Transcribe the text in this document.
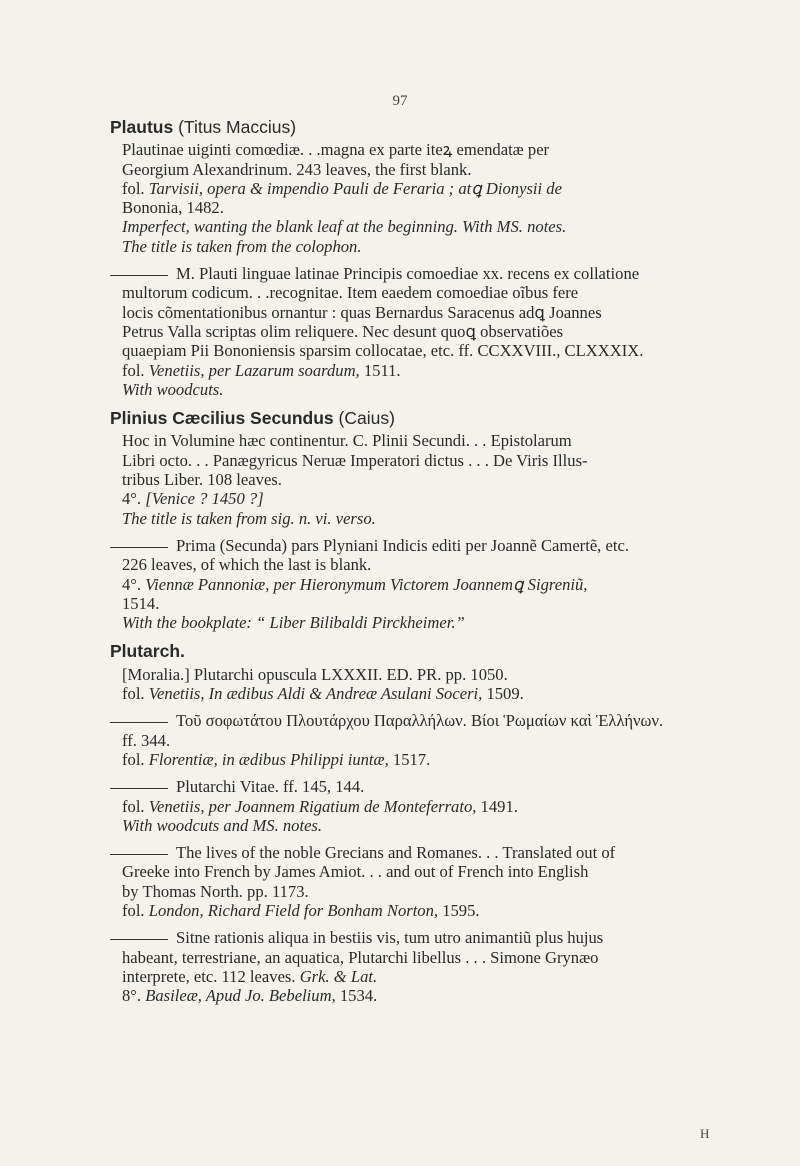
97
Plautus (Titus Maccius)
Plautinae uiginti comœdiæ. . .magna ex parte iteꝝ emendatæ per
Georgium Alexandrinum. 243 leaves, the first blank.
fol. Tarvisii, opera & impendio Pauli de Feraria ; atꝗ Dionysii de
Bononia, 1482.
Imperfect, wanting the blank leaf at the beginning. With MS. notes.
The title is taken from the colophon.
M. Plauti linguae latinae Principis comoediae xx. recens ex collatione
multorum codicum. . .recognitae. Item eaedem comoediae oĩbus fere
locis cõmentationibus ornantur : quas Bernardus Saracenus adꝗ Joannes
Petrus Valla scriptas olim reliquere. Nec desunt quoꝗ observatiões
quaepiam Pii Bononiensis sparsim collocatae, etc. ff. CCXXVIII., CLXXXIX.
fol. Venetiis, per Lazarum soardum, 1511.
With woodcuts.
Plinius Cæcilius Secundus (Caius)
Hoc in Volumine hæc continentur. C. Plinii Secundi. . . Epistolarum
Libri octo. . . Panægyricus Neruæ Imperatori dictus . . . De Viris Illus-
tribus Liber. 108 leaves.
4°. [Venice ? 1450 ?]
The title is taken from sig. n. vi. verso.
Prima (Secunda) pars Plyniani Indicis editi per Joannẽ Camertẽ, etc.
226 leaves, of which the last is blank.
4°. Viennæ Pannoniæ, per Hieronymum Victorem Joannemꝗ Sigreniũ,
1514.
With the bookplate: “ Liber Bilibaldi Pirckheimer.”
Plutarch.
[Moralia.] Plutarchi opuscula LXXXII. ED. PR. pp. 1050.
fol. Venetiis, In ædibus Aldi & Andreæ Asulani Soceri, 1509.
Τοῦ σοφωτάτου Πλουτάρχου Παραλλήλων. Βίοι Ῥωμαίων καὶ Ἑλλήνων.
ff. 344.
fol. Florentiæ, in ædibus Philippi iuntæ, 1517.
Plutarchi Vitae. ff. 145, 144.
fol. Venetiis, per Joannem Rigatium de Monteferrato, 1491.
With woodcuts and MS. notes.
The lives of the noble Grecians and Romanes. . . Translated out of
Greeke into French by James Amiot. . . and out of French into English
by Thomas North. pp. 1173.
fol. London, Richard Field for Bonham Norton, 1595.
Sitne rationis aliqua in bestiis vis, tum utro animantiũ plus hujus
habeant, terrestriane, an aquatica, Plutarchi libellus . . . Simone Grynæo
interprete, etc. 112 leaves. Grk. & Lat.
8°. Basileæ, Apud Jo. Bebelium, 1534.
H
